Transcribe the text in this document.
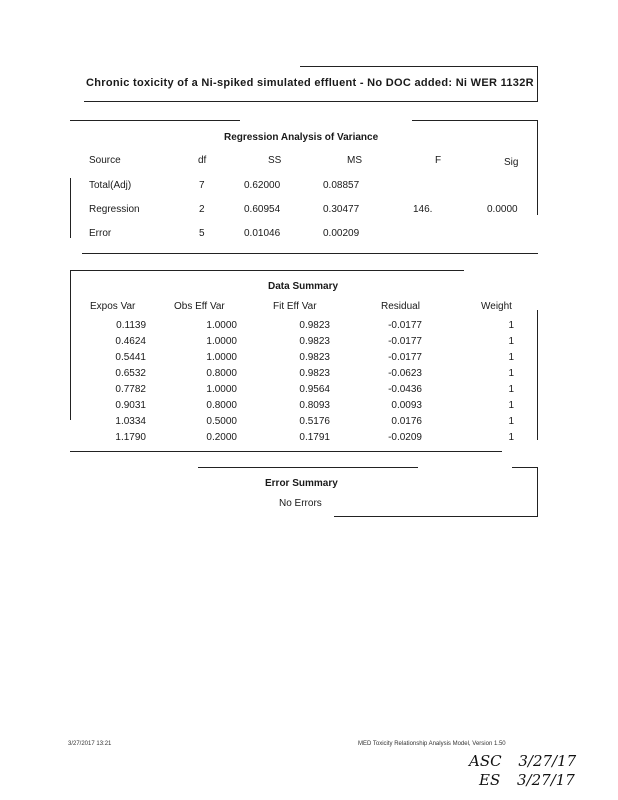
Chronic toxicity of a Ni-spiked simulated effluent - No DOC added: Ni WER 1132R
Regression Analysis of Variance
Source	df	SS	MS	F	Sig
Total(Adj)	7	0.62000	0.08857
Regression	2	0.60954	0.30477	146.	0.0000
Error	5	0.01046	0.00209
Data Summary
Expos Var	Obs Eff Var	Fit Eff Var	Residual	Weight
0.1139	1.0000	0.9823	-0.0177	1
0.4624	1.0000	0.9823	-0.0177	1
0.5441	1.0000	0.9823	-0.0177	1
0.6532	0.8000	0.9823	-0.0623	1
0.7782	1.0000	0.9564	-0.0436	1
0.9031	0.8000	0.8093	0.0093	1
1.0334	0.5000	0.5176	0.0176	1
1.1790	0.2000	0.1791	-0.0209	1
Error Summary
No Errors
3/27/2017 13:21	MED Toxicity Relationship Analysis Model, Version 1.50
ASC 3/27/17
ES 3/27/17
